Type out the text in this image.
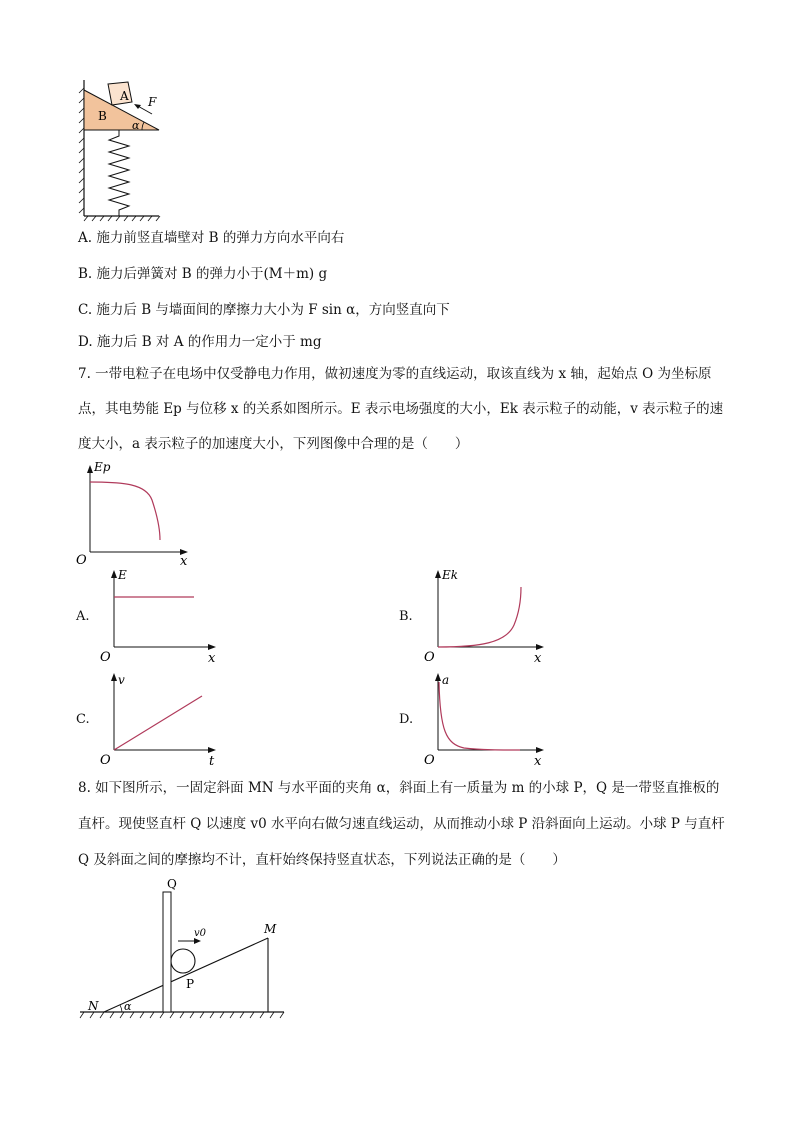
A
B
F
α
A. 施力前竖直墙壁对 B 的弹力方向水平向右
B. 施力后弹簧对 B 的弹力小于(M＋m) g
C. 施力后 B 与墙面间的摩擦力大小为 F sin α，方向竖直向下
D. 施力后 B 对 A 的作用力一定小于 mg
7. 一带电粒子在电场中仅受静电力作用，做初速度为零的直线运动，取该直线为 x 轴，起始点 O 为坐标原
点，其电势能 Ep 与位移 x 的关系如图所示。E 表示电场强度的大小，Ek 表示粒子的动能，v 表示粒子的速
度大小，a 表示粒子的加速度大小，下列图像中合理的是（　　）
Ep
x
O
A.
E
x
O
B.
Ek
x
O
C.
v
t
O
D.
a
x
O
8. 如下图所示，一固定斜面 MN 与水平面的夹角 α，斜面上有一质量为 m 的小球 P，Q 是一带竖直推板的
直杆。现使竖直杆 Q 以速度 v0 水平向右做匀速直线运动，从而推动小球 P 沿斜面向上运动。小球 P 与直杆
Q 及斜面之间的摩擦均不计，直杆始终保持竖直状态，下列说法正确的是（　　）
Q
M
N
P
v0
α
